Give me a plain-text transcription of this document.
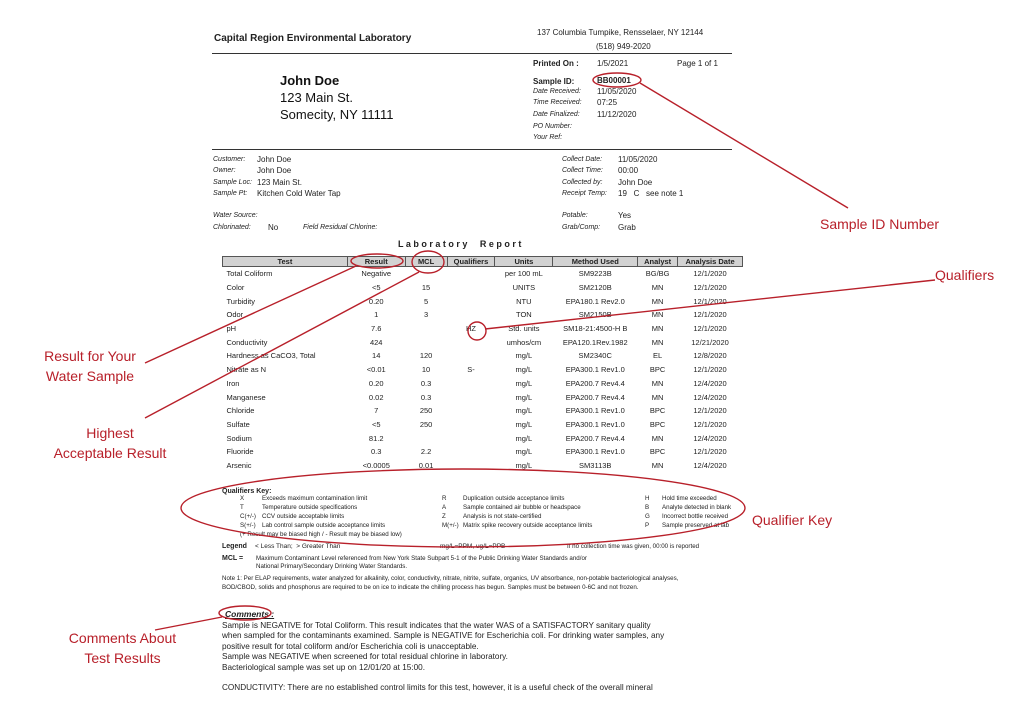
Capital Region Environmental Laboratory
137 Columbia Tumpike, Rensselaer, NY 12144
(518) 949-2020
Printed On : 1/5/2021	Page 1 of 1
Sample ID:	BB00001
Date Received: 11/05/2020
Time Received: 07:25
Date Finalized: 11/12/2020
PO Number:
Your Ref:
John Doe
123 Main St.
Somecity, NY 11111
Customer: John Doe
Owner:	John Doe
Sample Loc: 123 Main St.
Sample Pt: Kitchen Cold Water Tap
Water Source:
Chlorinated: No	Field Residual Chlorine:
Collect Date: 11/05/2020
Collect Time: 00:00
Collected by: John Doe
Receipt Temp: 19   C   see note 1
Potable:	Yes
Grab/Comp: Grab
L a b o r a t o r y     R e p o r t
Test	Result	MCL	Qualifiers	Units	Method Used	Analyst	Analysis Date
Total Coliform	Negative			per 100 mL	SM9223B	BG/BG	12/1/2020
Color	<5	15		UNITS	SM2120B	MN	12/1/2020
Turbidity	0.20	5		NTU	EPA180.1 Rev2.0	MN	12/1/2020
Odor	1	3		TON	SM2150B	MN	12/1/2020
pH	7.6		HZ	Std. units	SM18-21:4500-H B	MN	12/1/2020
Conductivity	424			umhos/cm	EPA120.1Rev.1982	MN	12/21/2020
Hardness as CaCO3, Total	14	120		mg/L	SM2340C	EL	12/8/2020
Nitrate as N	<0.01	10	S-	mg/L	EPA300.1 Rev1.0	BPC	12/1/2020
Iron	0.20	0.3		mg/L	EPA200.7 Rev4.4	MN	12/4/2020
Manganese	0.02	0.3		mg/L	EPA200.7 Rev4.4	MN	12/4/2020
Chloride	7	250		mg/L	EPA300.1 Rev1.0	BPC	12/1/2020
Sulfate	<5	250		mg/L	EPA300.1 Rev1.0	BPC	12/1/2020
Sodium	81.2			mg/L	EPA200.7 Rev4.4	MN	12/4/2020
Fluoride	0.3	2.2		mg/L	EPA300.1 Rev1.0	BPC	12/1/2020
Arsenic	<0.0005	0.01		mg/L	SM3113B	MN	12/4/2020
Qualifiers Key:
X	Exceeds maximum contamination limit
T	Temperature outside specifications
C(+/-) CCV outside acceptable limits
S(+/-) Lab control sample outside acceptance limits
R	Duplication outside acceptance limits
A	Sample contained air bubble or headspace
Z	Analysis is not state-certified
M(+/-) Matrix spike recovery outside acceptance limits
H Hold time exceeded
B Analyte detected in blank
G Incorrect bottle received
P Sample preserved at lab
(+ Result may be biased high / - Result may be biased low)
Legend < Less Than;  > Greater Than	mg/L=PPM, ug/L=PPB	If no collection time was given, 00:00 is reported
MCL = Maximum Contaminant Level referenced from New York State Subpart 5-1 of the Public Drinking Water Standards and/or
National Primary/Secondary Drinking Water Standards.
Note 1: Per ELAP requirements, water analyzed for alkalinity, color, conductivity, nitrate, nitrite, sulfate, organics, UV absorbance, non-potable bacteriological analyses, BOD/CBOD, solids and phosphorus are required to be on ice to indicate the chilling process has begun. Samples must be between 0-6C and not frozen.
Comments :
Sample is NEGATIVE for Total Coliform. This result indicates that the water WAS of a SATISFACTORY sanitary quality
when sampled for the contaminants examined. Sample is NEGATIVE for Escherichia coli. For drinking water samples, any
positive result for total coliform and/or Escherichia coli is unacceptable.
Sample was NEGATIVE when screened for total residual chlorine in laboratory.
Bacteriological sample was set up on 12/01/20 at 15:00.
CONDUCTIVITY: There are no established control limits for this test, however, it is a useful check of the overall mineral
Sample ID Number
Qualifiers
Result for Your
Water Sample
Highest
Acceptable Result
Qualifier Key
Comments About
Test Results
